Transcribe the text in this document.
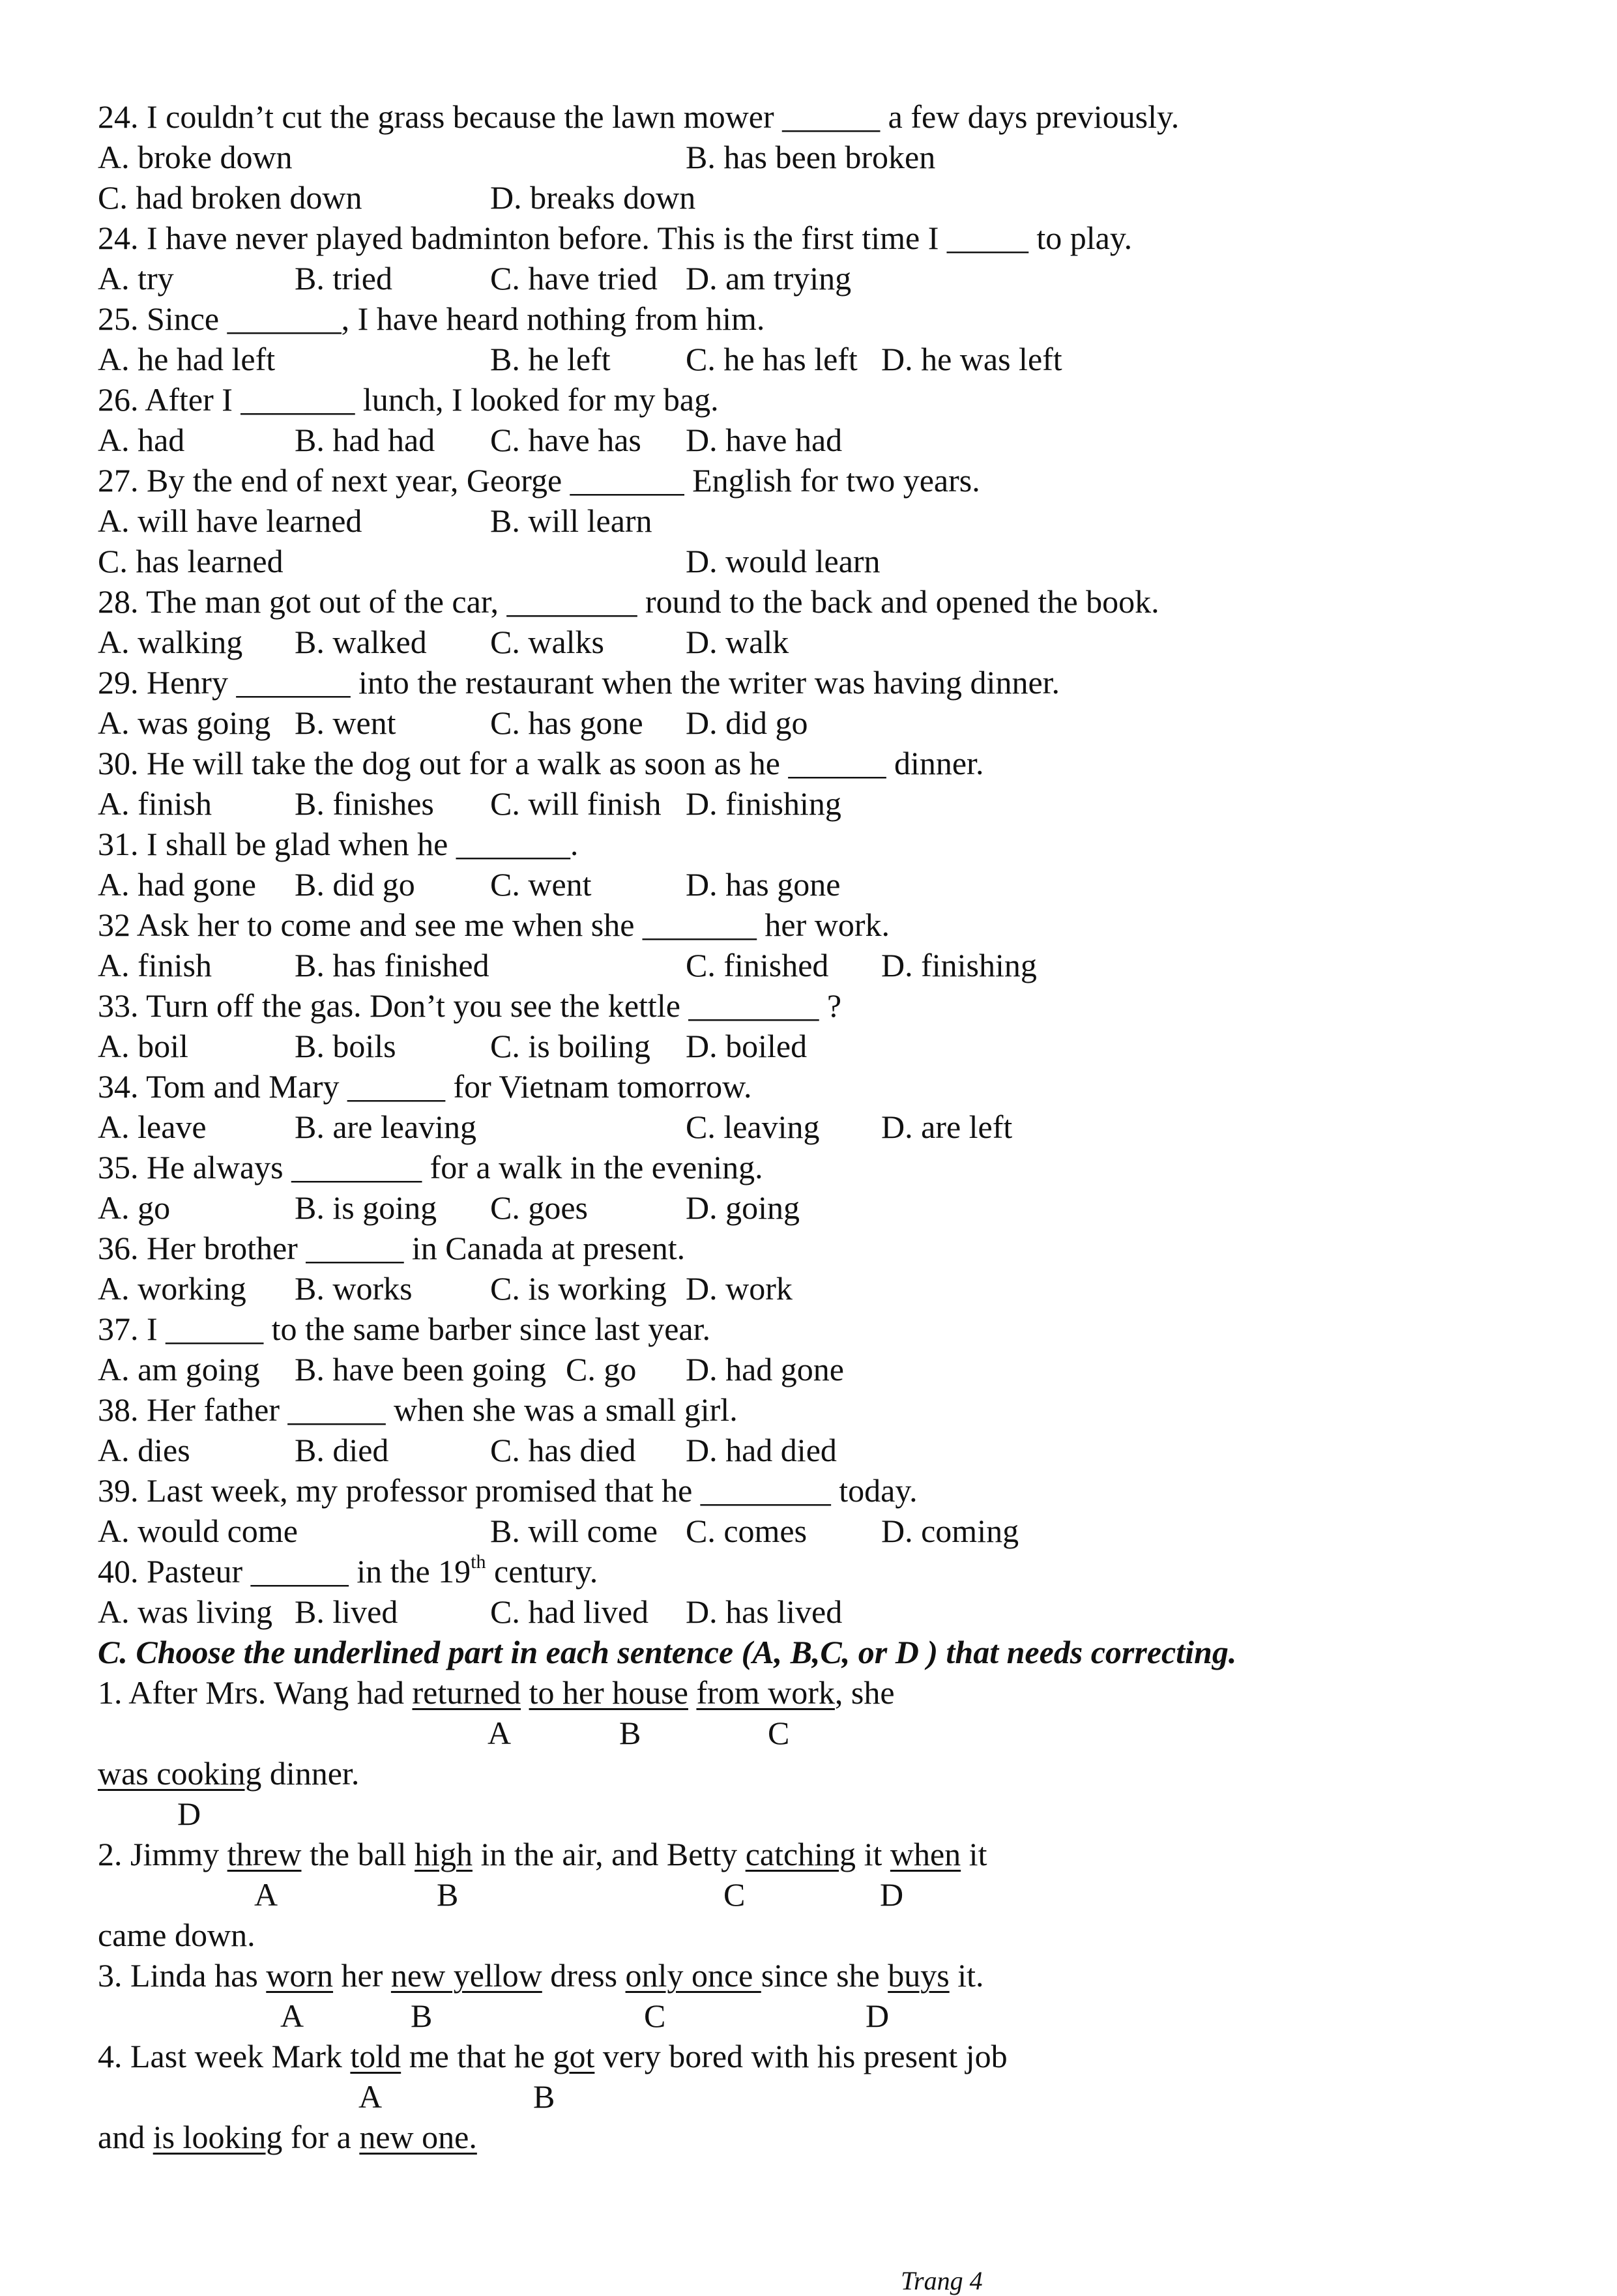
24. I couldn’t cut the grass because the lawn mower ______ a few days previously.
A. broke down	B. has been broken
C. had broken down	D. breaks down
24. I have never played badminton before. This is the first time I _____ to play.
A. try	B. tried	C. have tried D. am trying
25. Since _______, I have heard nothing from him.
A. he had left	B. he left C. he has left D. he was left
26. After I _______ lunch, I looked for my bag.
A. had	B. had had C. have has D. have had
27. By the end of next year, George _______ English for two years.
A. will have learned	B. will learn
C. has learned	D. would learn
28. The man got out of the car, ________ round to the back and opened the book.
A. walking B. walked C. walks	D. walk
29. Henry _______ into the restaurant when the writer was having dinner.
A. was going B. went	C. has gone D. did go
30. He will take the dog out for a walk as soon as he ______ dinner.
A. finish	B. finishes C. will finish D. finishing
31. I shall be glad when he _______.
A. had gone B. did go C. went	D. has gone
32 Ask her to come and see me when she _______ her work.
A. finish	B. has finished	C. finished D. finishing
33. Turn off the gas. Don’t you see the kettle ________ ?
A. boil	B. boils	C. is boiling D. boiled
34. Tom and Mary ______ for Vietnam tomorrow.
A. leave	B. are leaving	C. leaving D. are left
35. He always ________ for a walk in the evening.
A. go	B. is going C. goes	D. going
36. Her brother ______ in Canada at present.
A. working B. works C. is working D. work
37. I ______ to the same barber since last year.
A. am going B. have been going C. go D. had gone
38. Her father ______ when she was a small girl.
A. dies	B. died	C. has died D. had died
39. Last week, my professor promised that he ________ today.
A. would come	B. will come C. comes D. coming
40. Pasteur ______ in the 19th century.
A. was living B. lived	C. had lived D. has lived
C. Choose the underlined part in each sentence (A, B,C, or D ) that needs correcting.
1. After Mrs. Wang had returned to her house from work, she
A	B	C
was cooking dinner.
D
2. Jimmy threw the ball high in the air, and Betty catching it when it
A	B	C	D
came down.
3. Linda has worn her new yellow dress only once since she buys it.
A	B	C	D
4. Last week Mark told me that he got very bored with his present job
A	B
and is looking for a new one.
Trang 4
